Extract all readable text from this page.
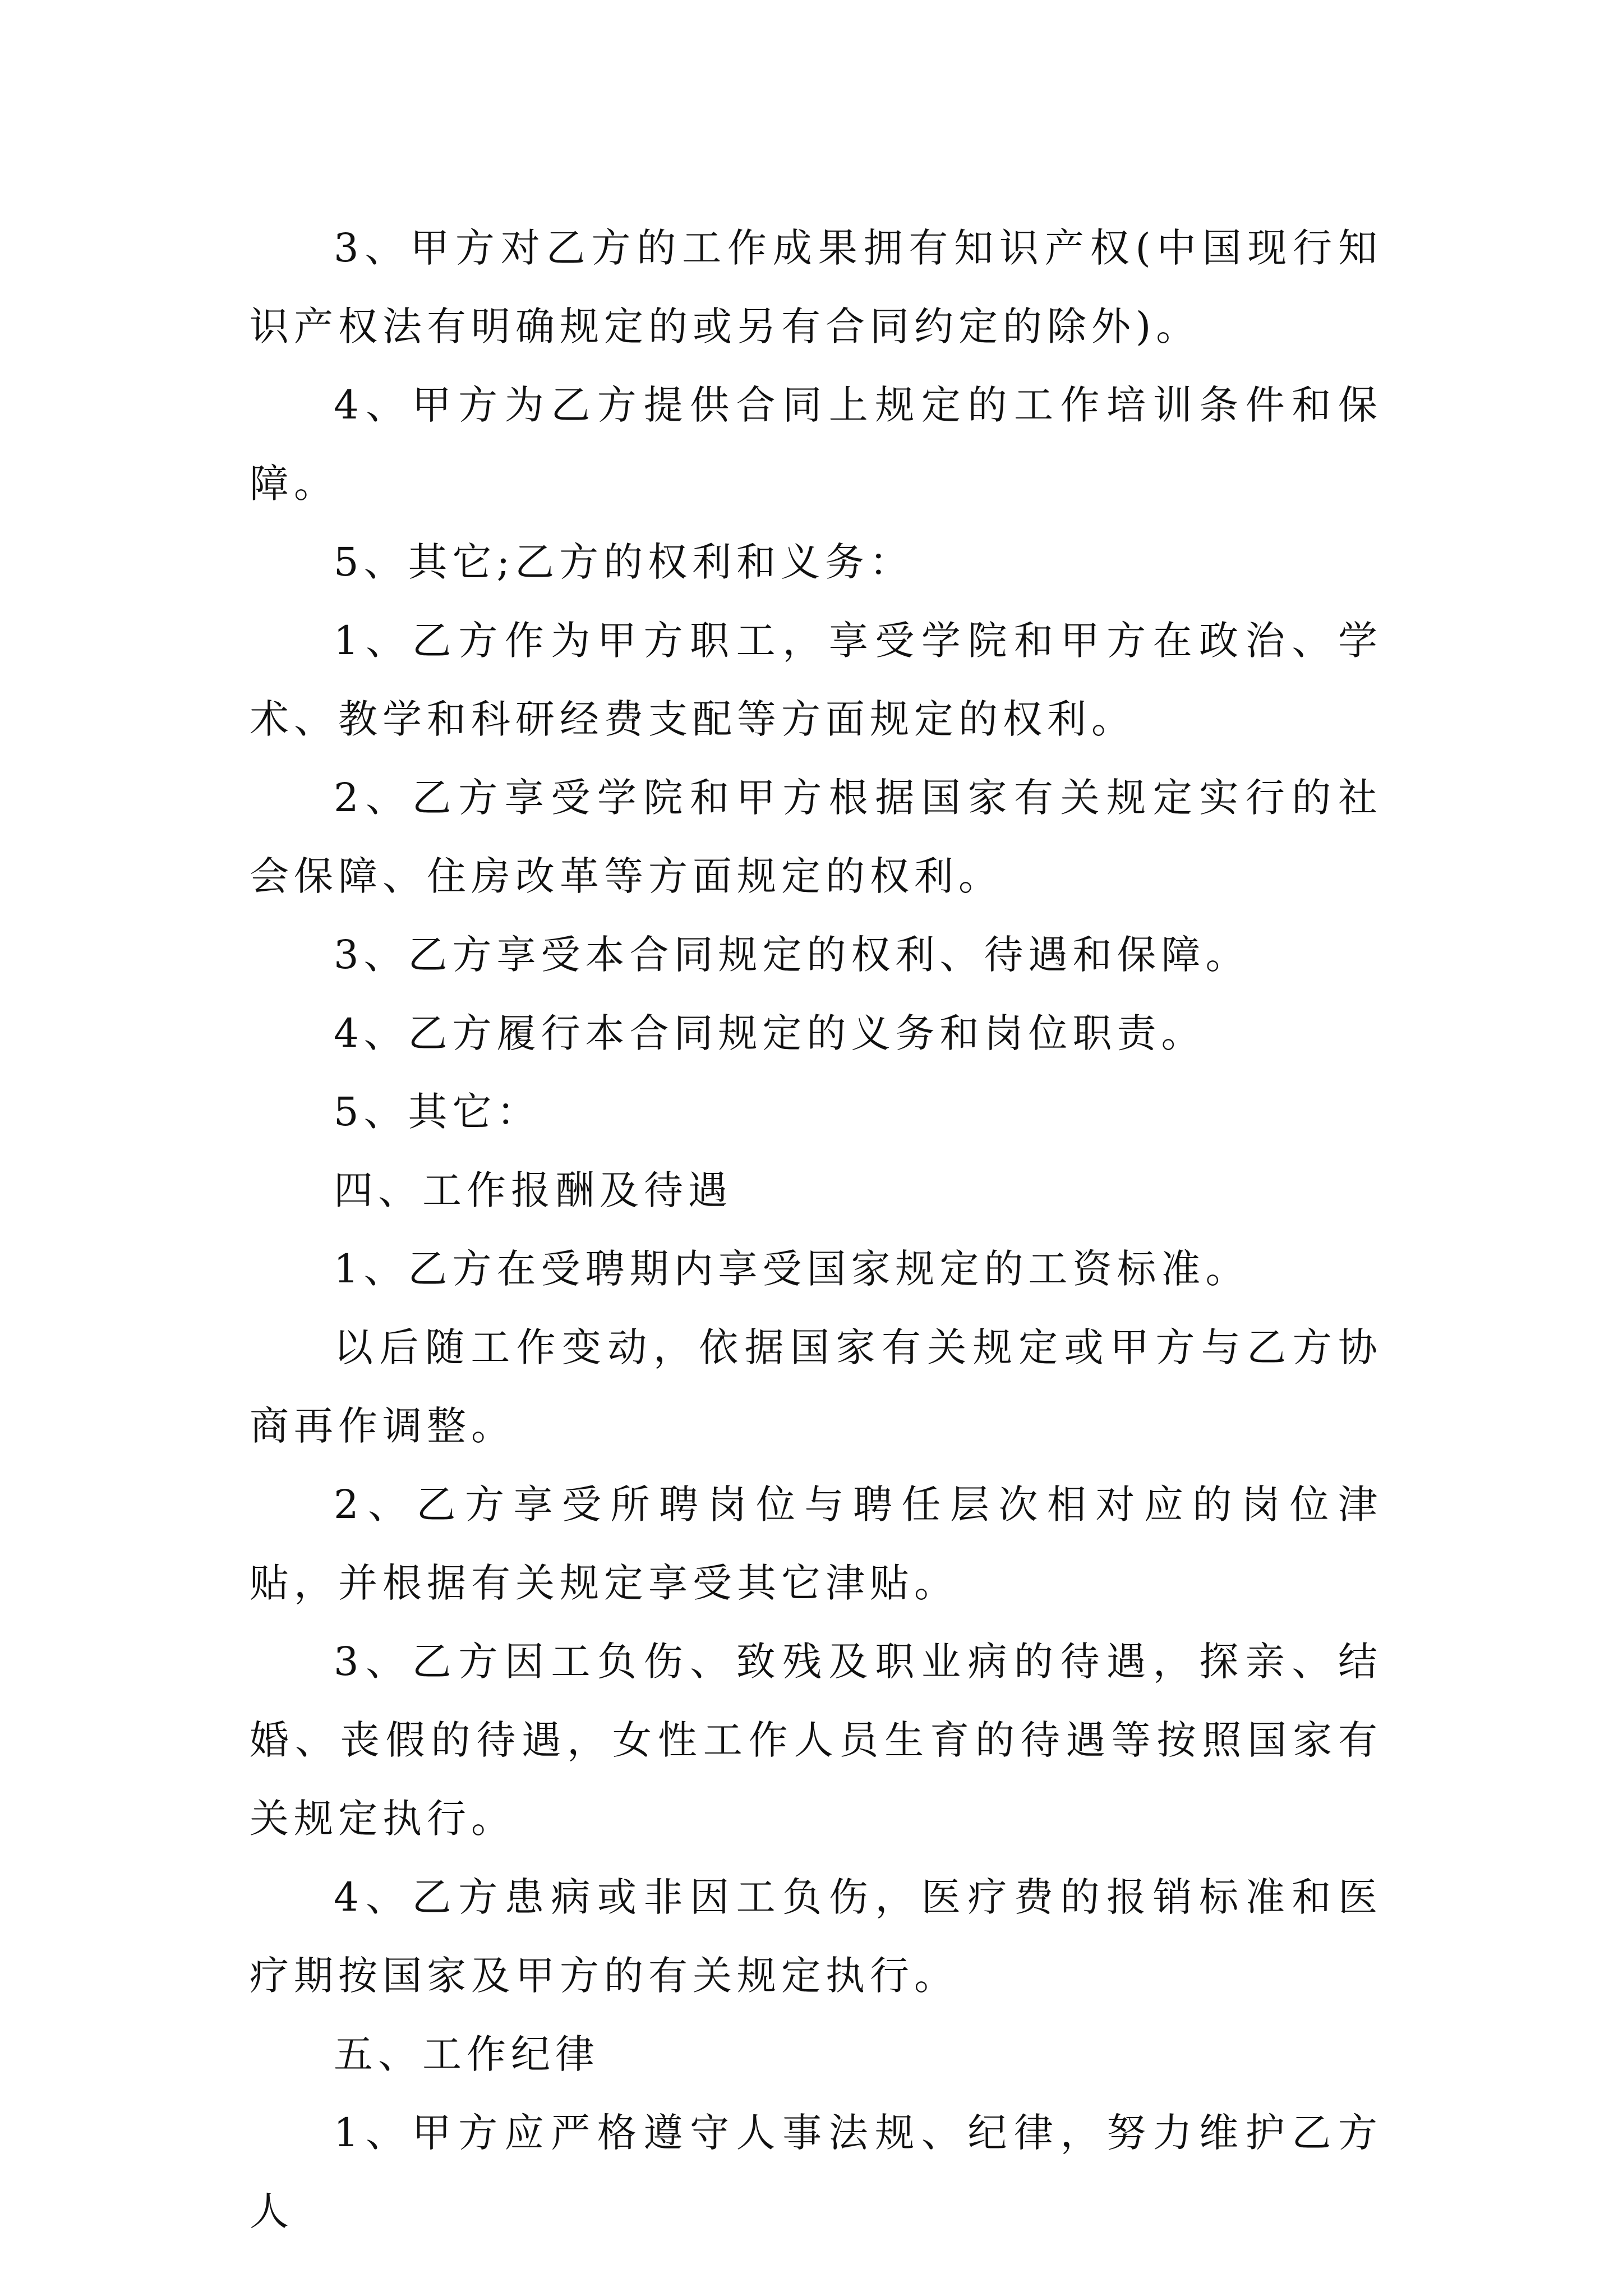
3、甲方对乙方的工作成果拥有知识产权(中国现行知识产权法有明确规定的或另有合同约定的除外)。

4、甲方为乙方提供合同上规定的工作培训条件和保障。

5、其它;乙方的权利和义务：

1、乙方作为甲方职工，享受学院和甲方在政治、学术、教学和科研经费支配等方面规定的权利。

2、乙方享受学院和甲方根据国家有关规定实行的社会保障、住房改革等方面规定的权利。

3、乙方享受本合同规定的权利、待遇和保障。

4、乙方履行本合同规定的义务和岗位职责。

5、其它：

四、工作报酬及待遇

1、乙方在受聘期内享受国家规定的工资标准。

以后随工作变动，依据国家有关规定或甲方与乙方协商再作调整。

2、乙方享受所聘岗位与聘任层次相对应的岗位津贴，并根据有关规定享受其它津贴。

3、乙方因工负伤、致残及职业病的待遇，探亲、结婚、丧假的待遇，女性工作人员生育的待遇等按照国家有关规定执行。

4、乙方患病或非因工负伤，医疗费的报销标准和医疗期按国家及甲方的有关规定执行。

五、工作纪律

1、甲方应严格遵守人事法规、纪律，努力维护乙方人
